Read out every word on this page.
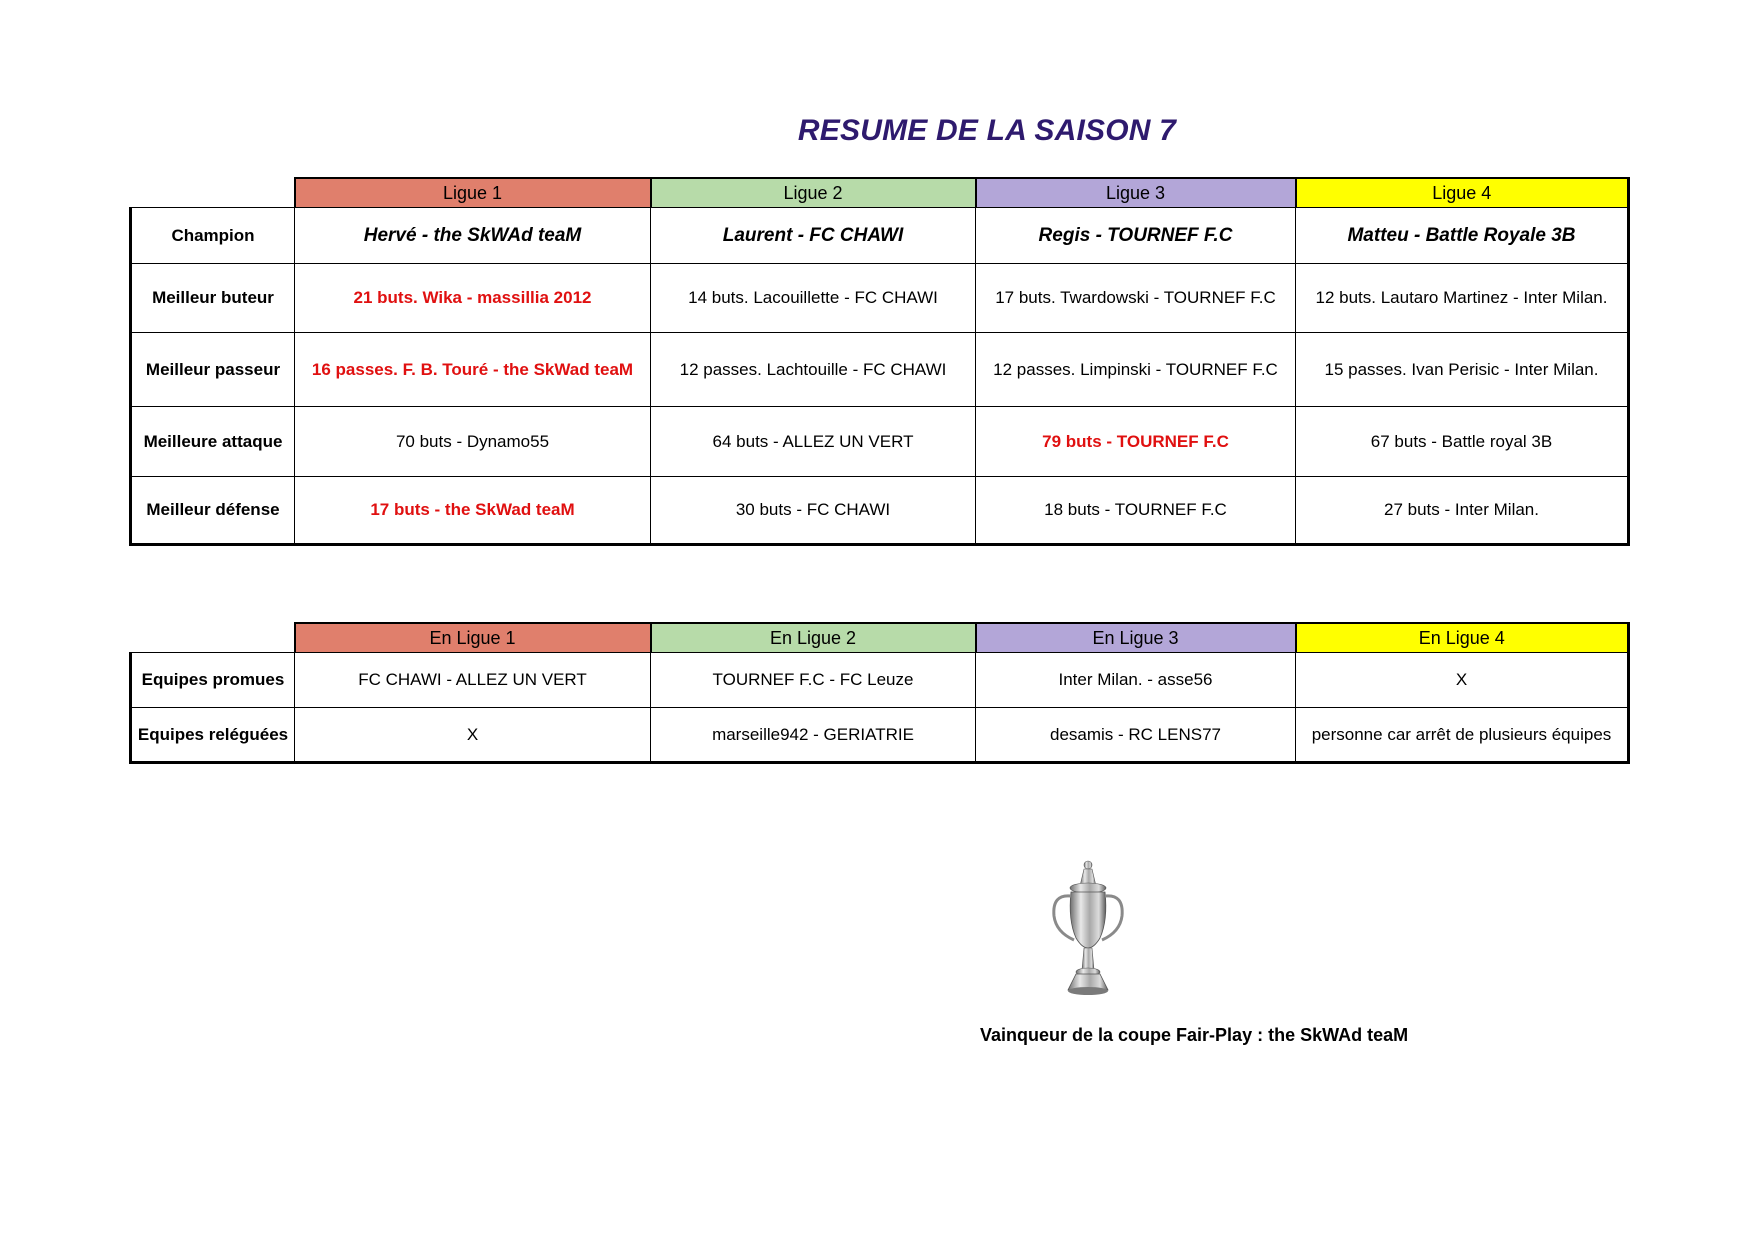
RESUME DE LA SAISON 7
	Ligue 1	Ligue 2	Ligue 3	Ligue 4
Champion	Hervé - the SkWAd teaM	Laurent - FC CHAWI	Regis - TOURNEF F.C	Matteu - Battle Royale 3B
Meilleur buteur	21 buts. Wika - massillia 2012	14 buts. Lacouillette - FC CHAWI	17 buts. Twardowski - TOURNEF F.C	12 buts. Lautaro Martinez - Inter Milan.
Meilleur passeur	16 passes. F. B. Touré - the SkWad teaM	12 passes. Lachtouille - FC CHAWI	12 passes. Limpinski - TOURNEF F.C	15 passes. Ivan Perisic - Inter Milan.
Meilleure attaque	70 buts - Dynamo55	64 buts - ALLEZ UN VERT	79 buts - TOURNEF F.C	67 buts - Battle royal 3B
Meilleur défense	17 buts - the SkWad teaM	30 buts - FC CHAWI	18 buts - TOURNEF F.C	27 buts - Inter Milan.
	En Ligue 1	En Ligue 2	En Ligue 3	En Ligue 4
Equipes promues	FC CHAWI - ALLEZ UN VERT	TOURNEF F.C - FC Leuze	Inter Milan. - asse56	X
Equipes reléguées	X	marseille942 - GERIATRIE	desamis - RC LENS77	personne car arrêt de plusieurs équipes
Vainqueur de la coupe Fair-Play : the SkWAd teaM
